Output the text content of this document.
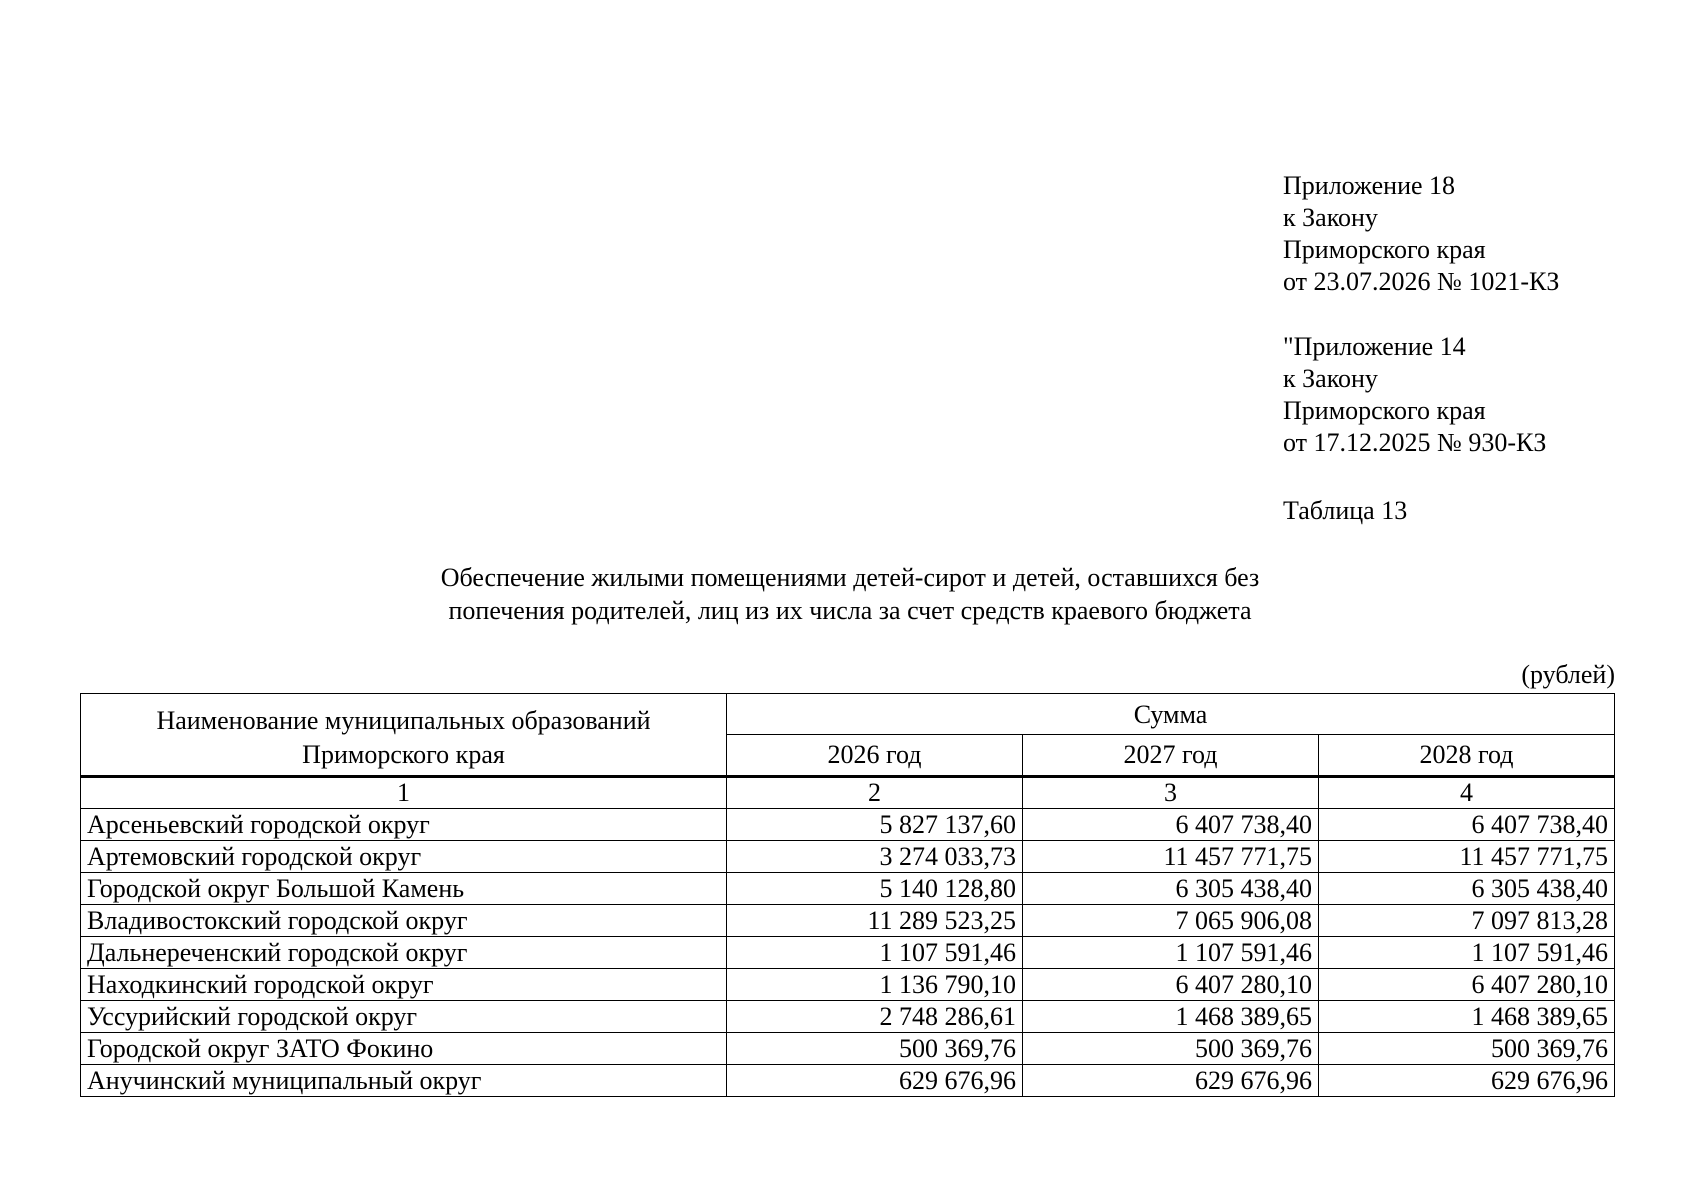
Приложение 18
к Закону
Приморского края
от 23.07.2026 № 1021-КЗ
"Приложение 14
к Закону
Приморского края
от 17.12.2025 № 930-КЗ
Таблица 13
Обеспечение жилыми помещениями детей-сирот и детей, оставшихся без
попечения родителей, лиц из их числа за счет средств краевого бюджета
(рублей)
Наименование муниципальных образований Приморского края	Сумма		
	2026 год	2027 год	2028 год
1	2	3	4
Арсеньевский городской округ	5 827 137,60	6 407 738,40	6 407 738,40
Артемовский городской округ	3 274 033,73	11 457 771,75	11 457 771,75
Городской округ Большой Камень	5 140 128,80	6 305 438,40	6 305 438,40
Владивостокский городской округ	11 289 523,25	7 065 906,08	7 097 813,28
Дальнереченский городской округ	1 107 591,46	1 107 591,46	1 107 591,46
Находкинский городской округ	1 136 790,10	6 407 280,10	6 407 280,10
Уссурийский городской округ	2 748 286,61	1 468 389,65	1 468 389,65
Городской округ ЗАТО Фокино	500 369,76	500 369,76	500 369,76
Анучинский муниципальный округ	629 676,96	629 676,96	629 676,96
